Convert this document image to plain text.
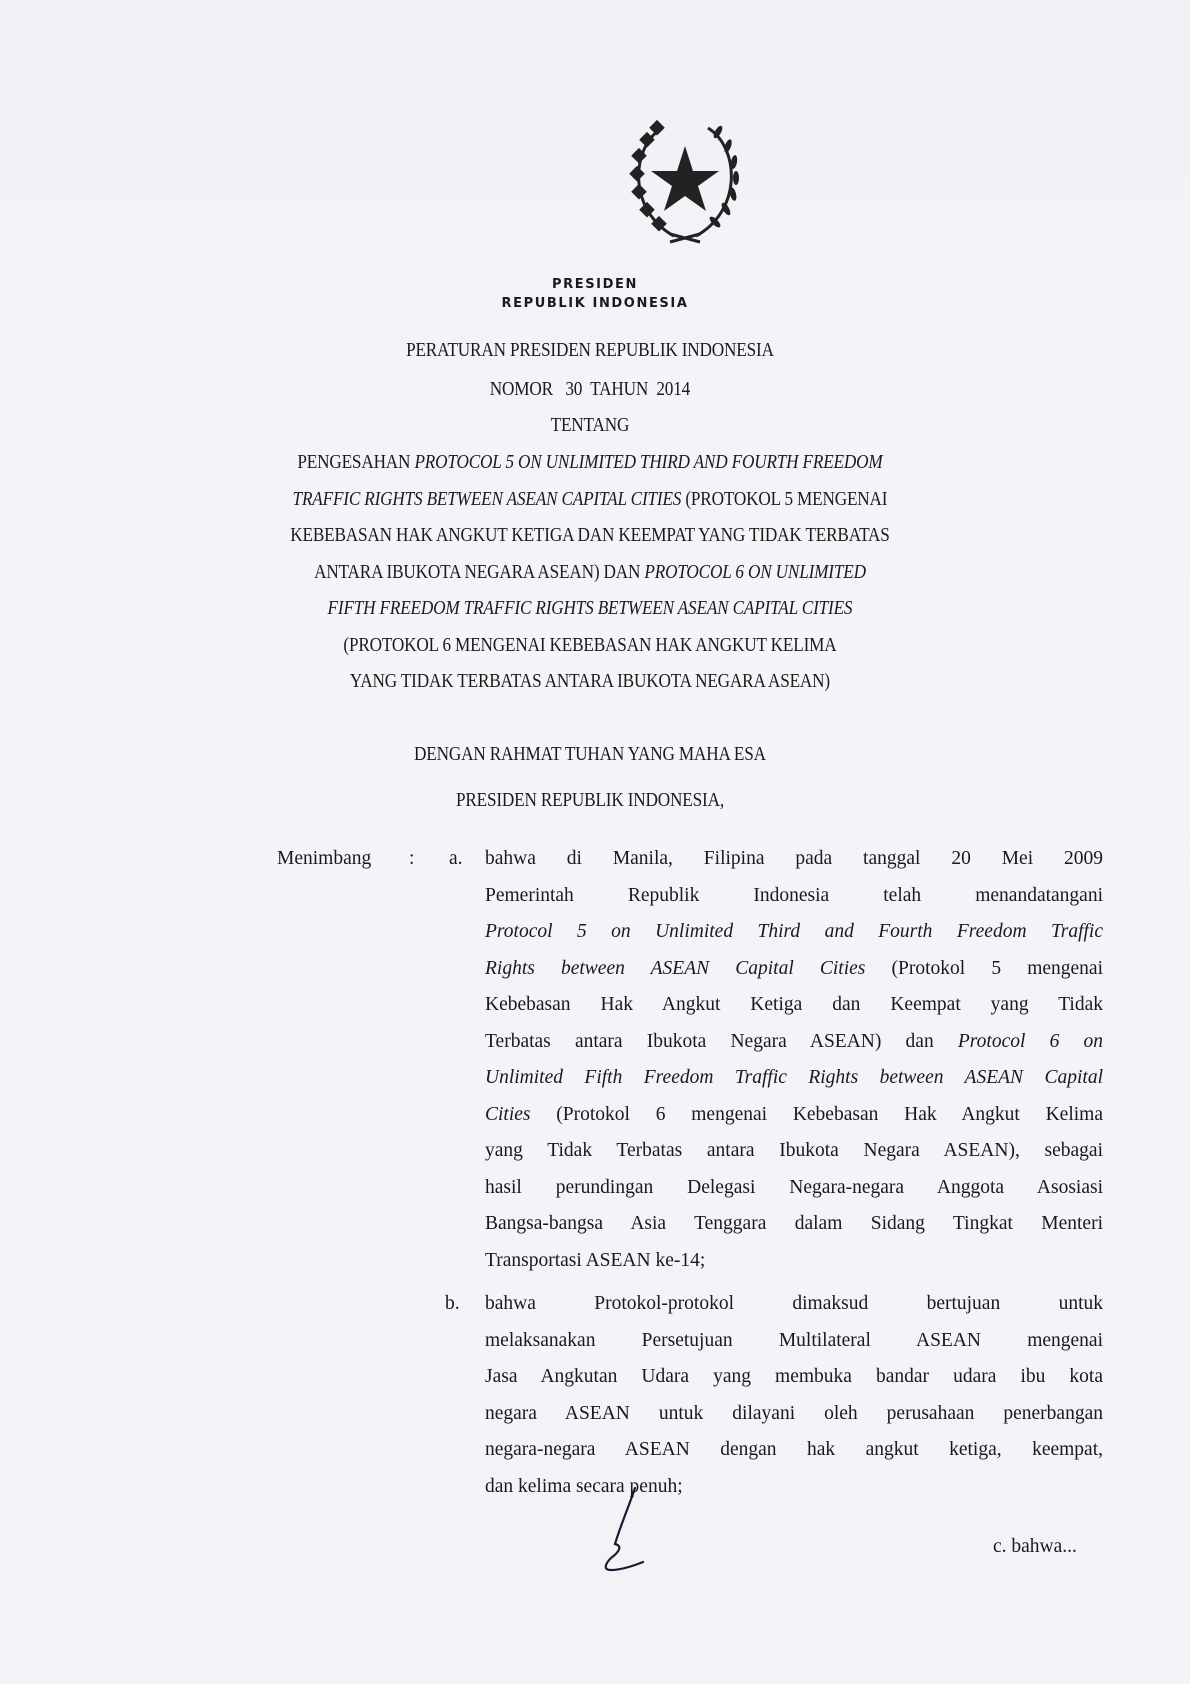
PRESIDEN
REPUBLIK INDONESIA
PERATURAN PRESIDEN REPUBLIK INDONESIA
NOMOR   30  TAHUN  2014
TENTANG
PENGESAHAN PROTOCOL 5 ON UNLIMITED THIRD AND FOURTH FREEDOM
TRAFFIC RIGHTS BETWEEN ASEAN CAPITAL CITIES (PROTOKOL 5 MENGENAI
KEBEBASAN HAK ANGKUT KETIGA DAN KEEMPAT YANG TIDAK TERBATAS
ANTARA IBUKOTA NEGARA ASEAN) DAN PROTOCOL 6 ON UNLIMITED
FIFTH FREEDOM TRAFFIC RIGHTS BETWEEN ASEAN CAPITAL CITIES
(PROTOKOL 6 MENGENAI KEBEBASAN HAK ANGKUT KELIMA
YANG TIDAK TERBATAS ANTARA IBUKOTA NEGARA ASEAN)
DENGAN RAHMAT TUHAN YANG MAHA ESA
PRESIDEN REPUBLIK INDONESIA,
Menimbang : a. bahwa di Manila, Filipina pada tanggal 20 Mei 2009
Pemerintah Republik Indonesia telah menandatangani
Protocol 5 on Unlimited Third and Fourth Freedom Traffic
Rights between ASEAN Capital Cities (Protokol 5 mengenai
Kebebasan Hak Angkut Ketiga dan Keempat yang Tidak
Terbatas antara Ibukota Negara ASEAN) dan Protocol 6 on
Unlimited Fifth Freedom Traffic Rights between ASEAN Capital
Cities (Protokol 6 mengenai Kebebasan Hak Angkut Kelima
yang Tidak Terbatas antara Ibukota Negara ASEAN), sebagai
hasil perundingan Delegasi Negara-negara Anggota Asosiasi
Bangsa-bangsa Asia Tenggara dalam Sidang Tingkat Menteri
Transportasi ASEAN ke-14;
b. bahwa Protokol-protokol dimaksud bertujuan untuk
melaksanakan Persetujuan Multilateral ASEAN mengenai
Jasa Angkutan Udara yang membuka bandar udara ibu kota
negara ASEAN untuk dilayani oleh perusahaan penerbangan
negara-negara ASEAN dengan hak angkut ketiga, keempat,
dan kelima secara penuh;
c. bahwa...
